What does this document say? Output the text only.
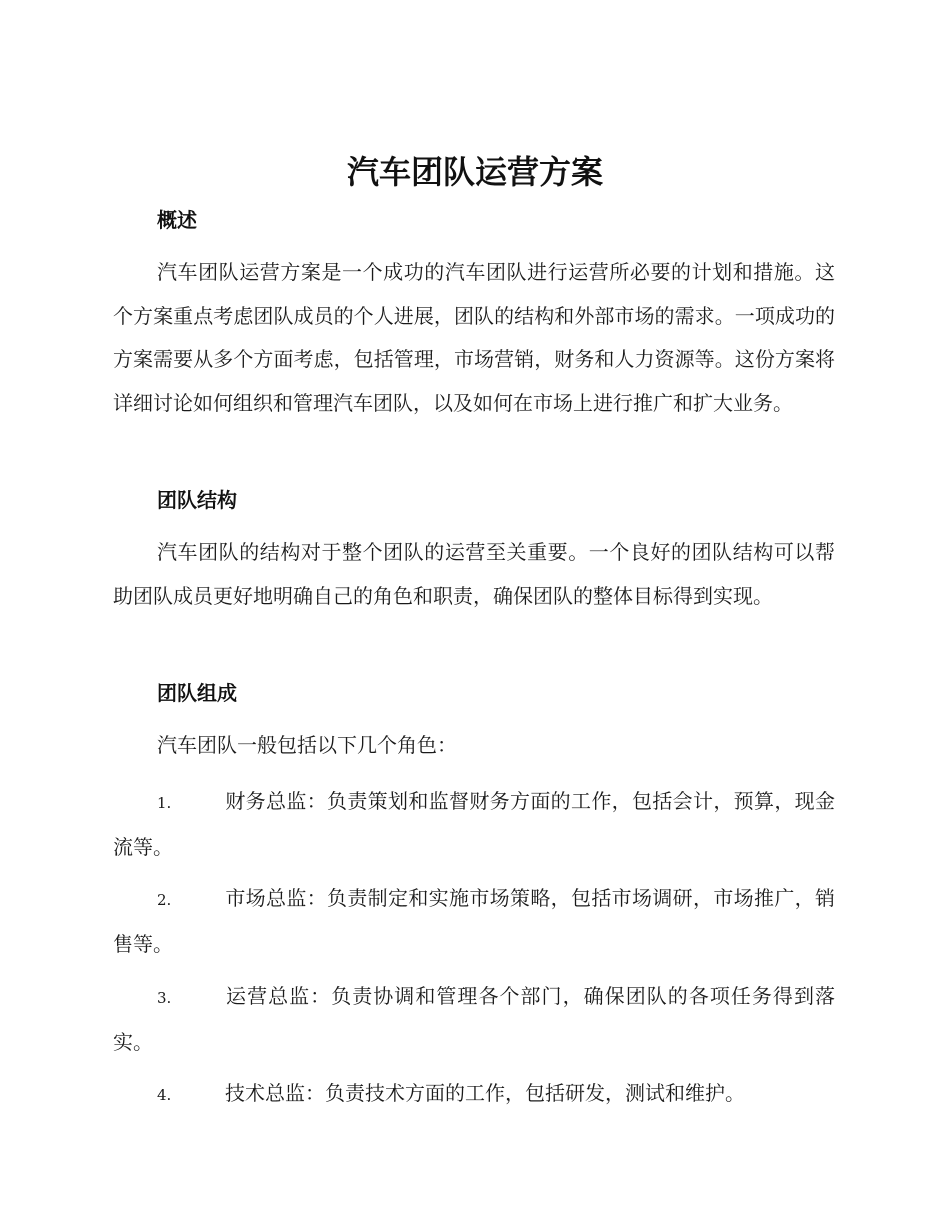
汽车团队运营方案
概述

汽车团队运营方案是一个成功的汽车团队进行运营所必要的计划和措施。这个方案重点考虑团队成员的个人进展，团队的结构和外部市场的需求。一项成功的方案需要从多个方面考虑，包括管理，市场营销，财务和人力资源等。这份方案将详细讨论如何组织和管理汽车团队，以及如何在市场上进行推广和扩大业务。

团队结构

汽车团队的结构对于整个团队的运营至关重要。一个良好的团队结构可以帮助团队成员更好地明确自己的角色和职责，确保团队的整体目标得到实现。

团队组成

汽车团队一般包括以下几个角色：

1.	财务总监：负责策划和监督财务方面的工作，包括会计，预算，现金流等。

2.	市场总监：负责制定和实施市场策略，包括市场调研，市场推广，销售等。

3.	运营总监：负责协调和管理各个部门，确保团队的各项任务得到落实。

4.	技术总监：负责技术方面的工作，包括研发，测试和维护。
